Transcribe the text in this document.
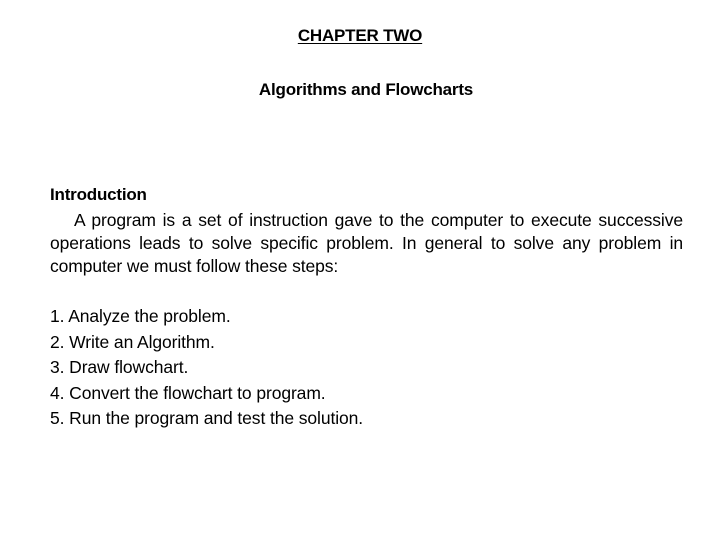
CHAPTER TWO
Algorithms and Flowcharts
Introduction

A program is a set of instruction gave to the computer to execute successive operations leads to solve specific problem. In general to solve any problem in computer we must follow these steps:

1. Analyze the problem.
2. Write an Algorithm.
3. Draw flowchart.
4. Convert the flowchart to program.
5. Run the program and test the solution.
